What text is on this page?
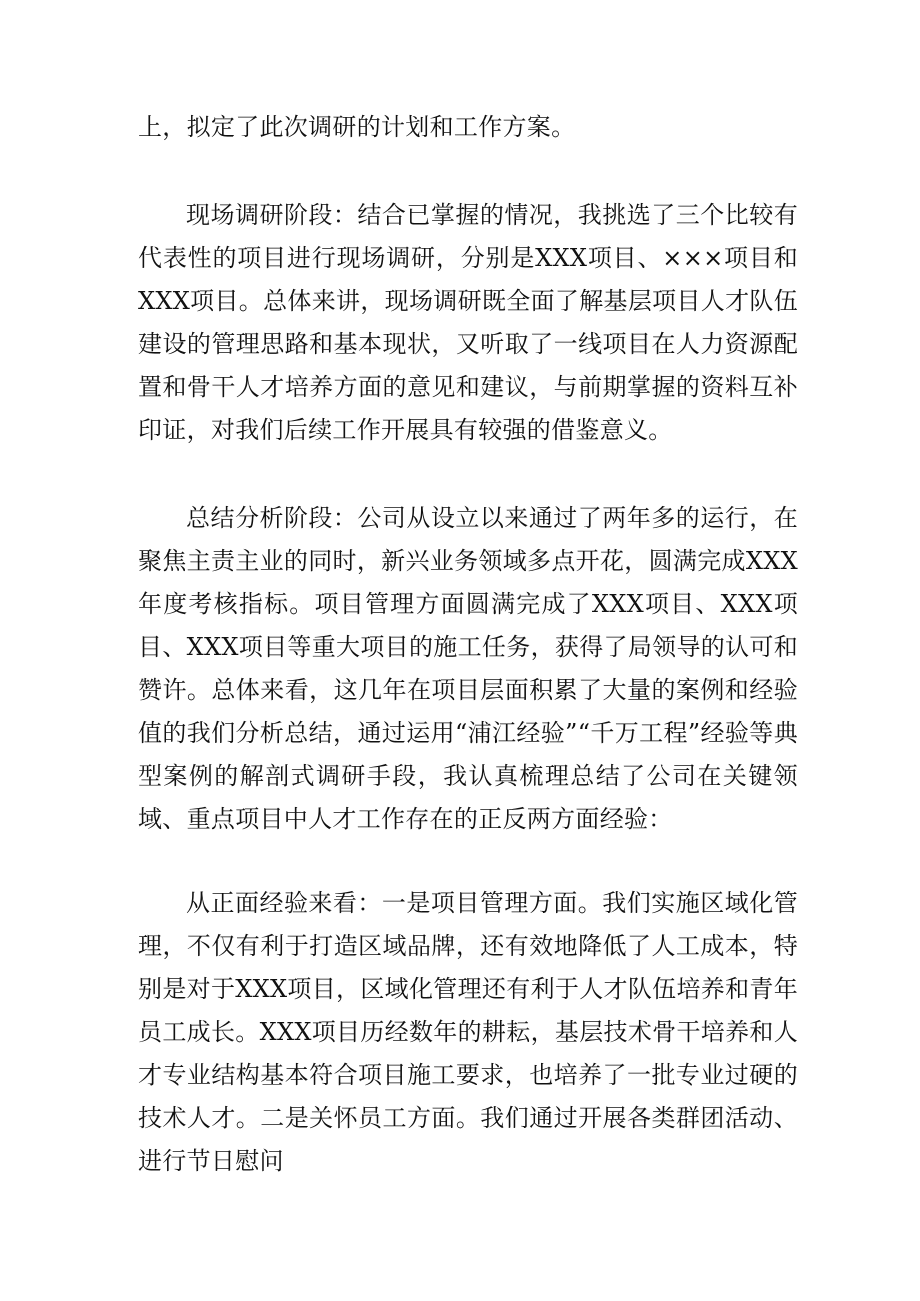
上，拟定了此次调研的计划和工作方案。

现场调研阶段：结合已掌握的情况，我挑选了三个比较有代表性的项目进行现场调研，分别是XXX项目、×××项目和XXX项目。总体来讲，现场调研既全面了解基层项目人才队伍建设的管理思路和基本现状，又听取了一线项目在人力资源配置和骨干人才培养方面的意见和建议，与前期掌握的资料互补印证，对我们后续工作开展具有较强的借鉴意义。

总结分析阶段：公司从设立以来通过了两年多的运行，在聚焦主责主业的同时，新兴业务领域多点开花，圆满完成XXX年度考核指标。项目管理方面圆满完成了XXX项目、XXX项目、XXX项目等重大项目的施工任务，获得了局领导的认可和赞许。总体来看，这几年在项目层面积累了大量的案例和经验值的我们分析总结，通过运用“浦江经验”“千万工程”经验等典型案例的解剖式调研手段，我认真梳理总结了公司在关键领域、重点项目中人才工作存在的正反两方面经验：

从正面经验来看：一是项目管理方面。我们实施区域化管理，不仅有利于打造区域品牌，还有效地降低了人工成本，特别是对于XXX项目，区域化管理还有利于人才队伍培养和青年员工成长。XXX项目历经数年的耕耘，基层技术骨干培养和人才专业结构基本符合项目施工要求，也培养了一批专业过硬的技术人才。二是关怀员工方面。我们通过开展各类群团活动、进行节日慰问
